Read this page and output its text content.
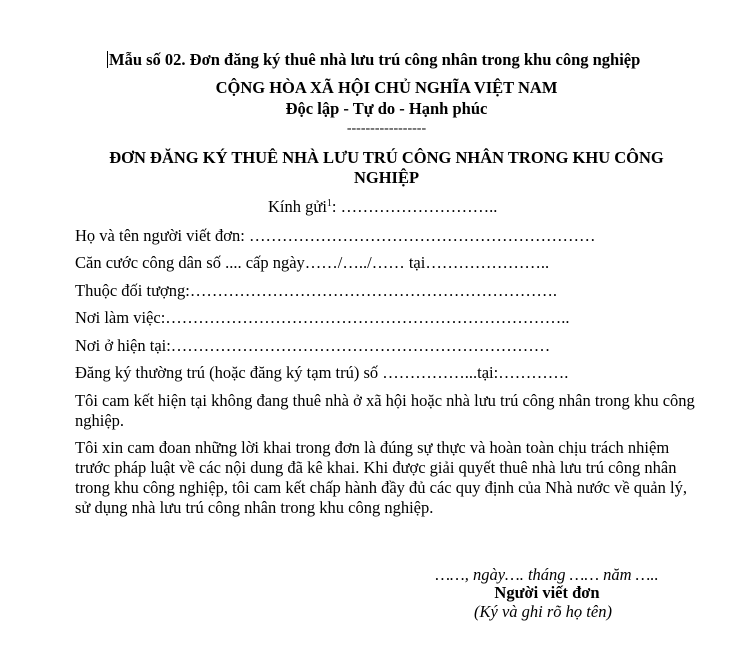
Mẫu số 02. Đơn đăng ký thuê nhà lưu trú công nhân trong khu công nghiệp
CỘNG HÒA XÃ HỘI CHỦ NGHĨA VIỆT NAM
Độc lập - Tự do - Hạnh phúc
-----------------
ĐƠN ĐĂNG KÝ THUÊ NHÀ LƯU TRÚ CÔNG NHÂN TRONG KHU CÔNG
NGHIỆP
Kính gửi$^1$: ………………………..
Họ và tên người viết đơn: ………………………………………………………
Căn cước công dân số .... cấp ngày……/…../…… tại…………………..
Thuộc đối tượng:………………………………………………………….
Nơi làm việc:………………………………………………………………..
Nơi ở hiện tại:……………………………………………………………
Đăng ký thường trú (hoặc đăng ký tạm trú) số ……………...tại:………….
Tôi cam kết hiện tại không đang thuê nhà ở xã hội hoặc nhà lưu trú công nhân trong khu công nghiệp.
Tôi xin cam đoan những lời khai trong đơn là đúng sự thực và hoàn toàn chịu trách nhiệm trước pháp luật về các nội dung đã kê khai. Khi được giải quyết thuê nhà lưu trú công nhân trong khu công nghiệp, tôi cam kết chấp hành đầy đủ các quy định của Nhà nước về quản lý, sử dụng nhà lưu trú công nhân trong khu công nghiệp.
……, ngày…. tháng …… năm …..
Người viết đơn
(Ký và ghi rõ họ tên)
